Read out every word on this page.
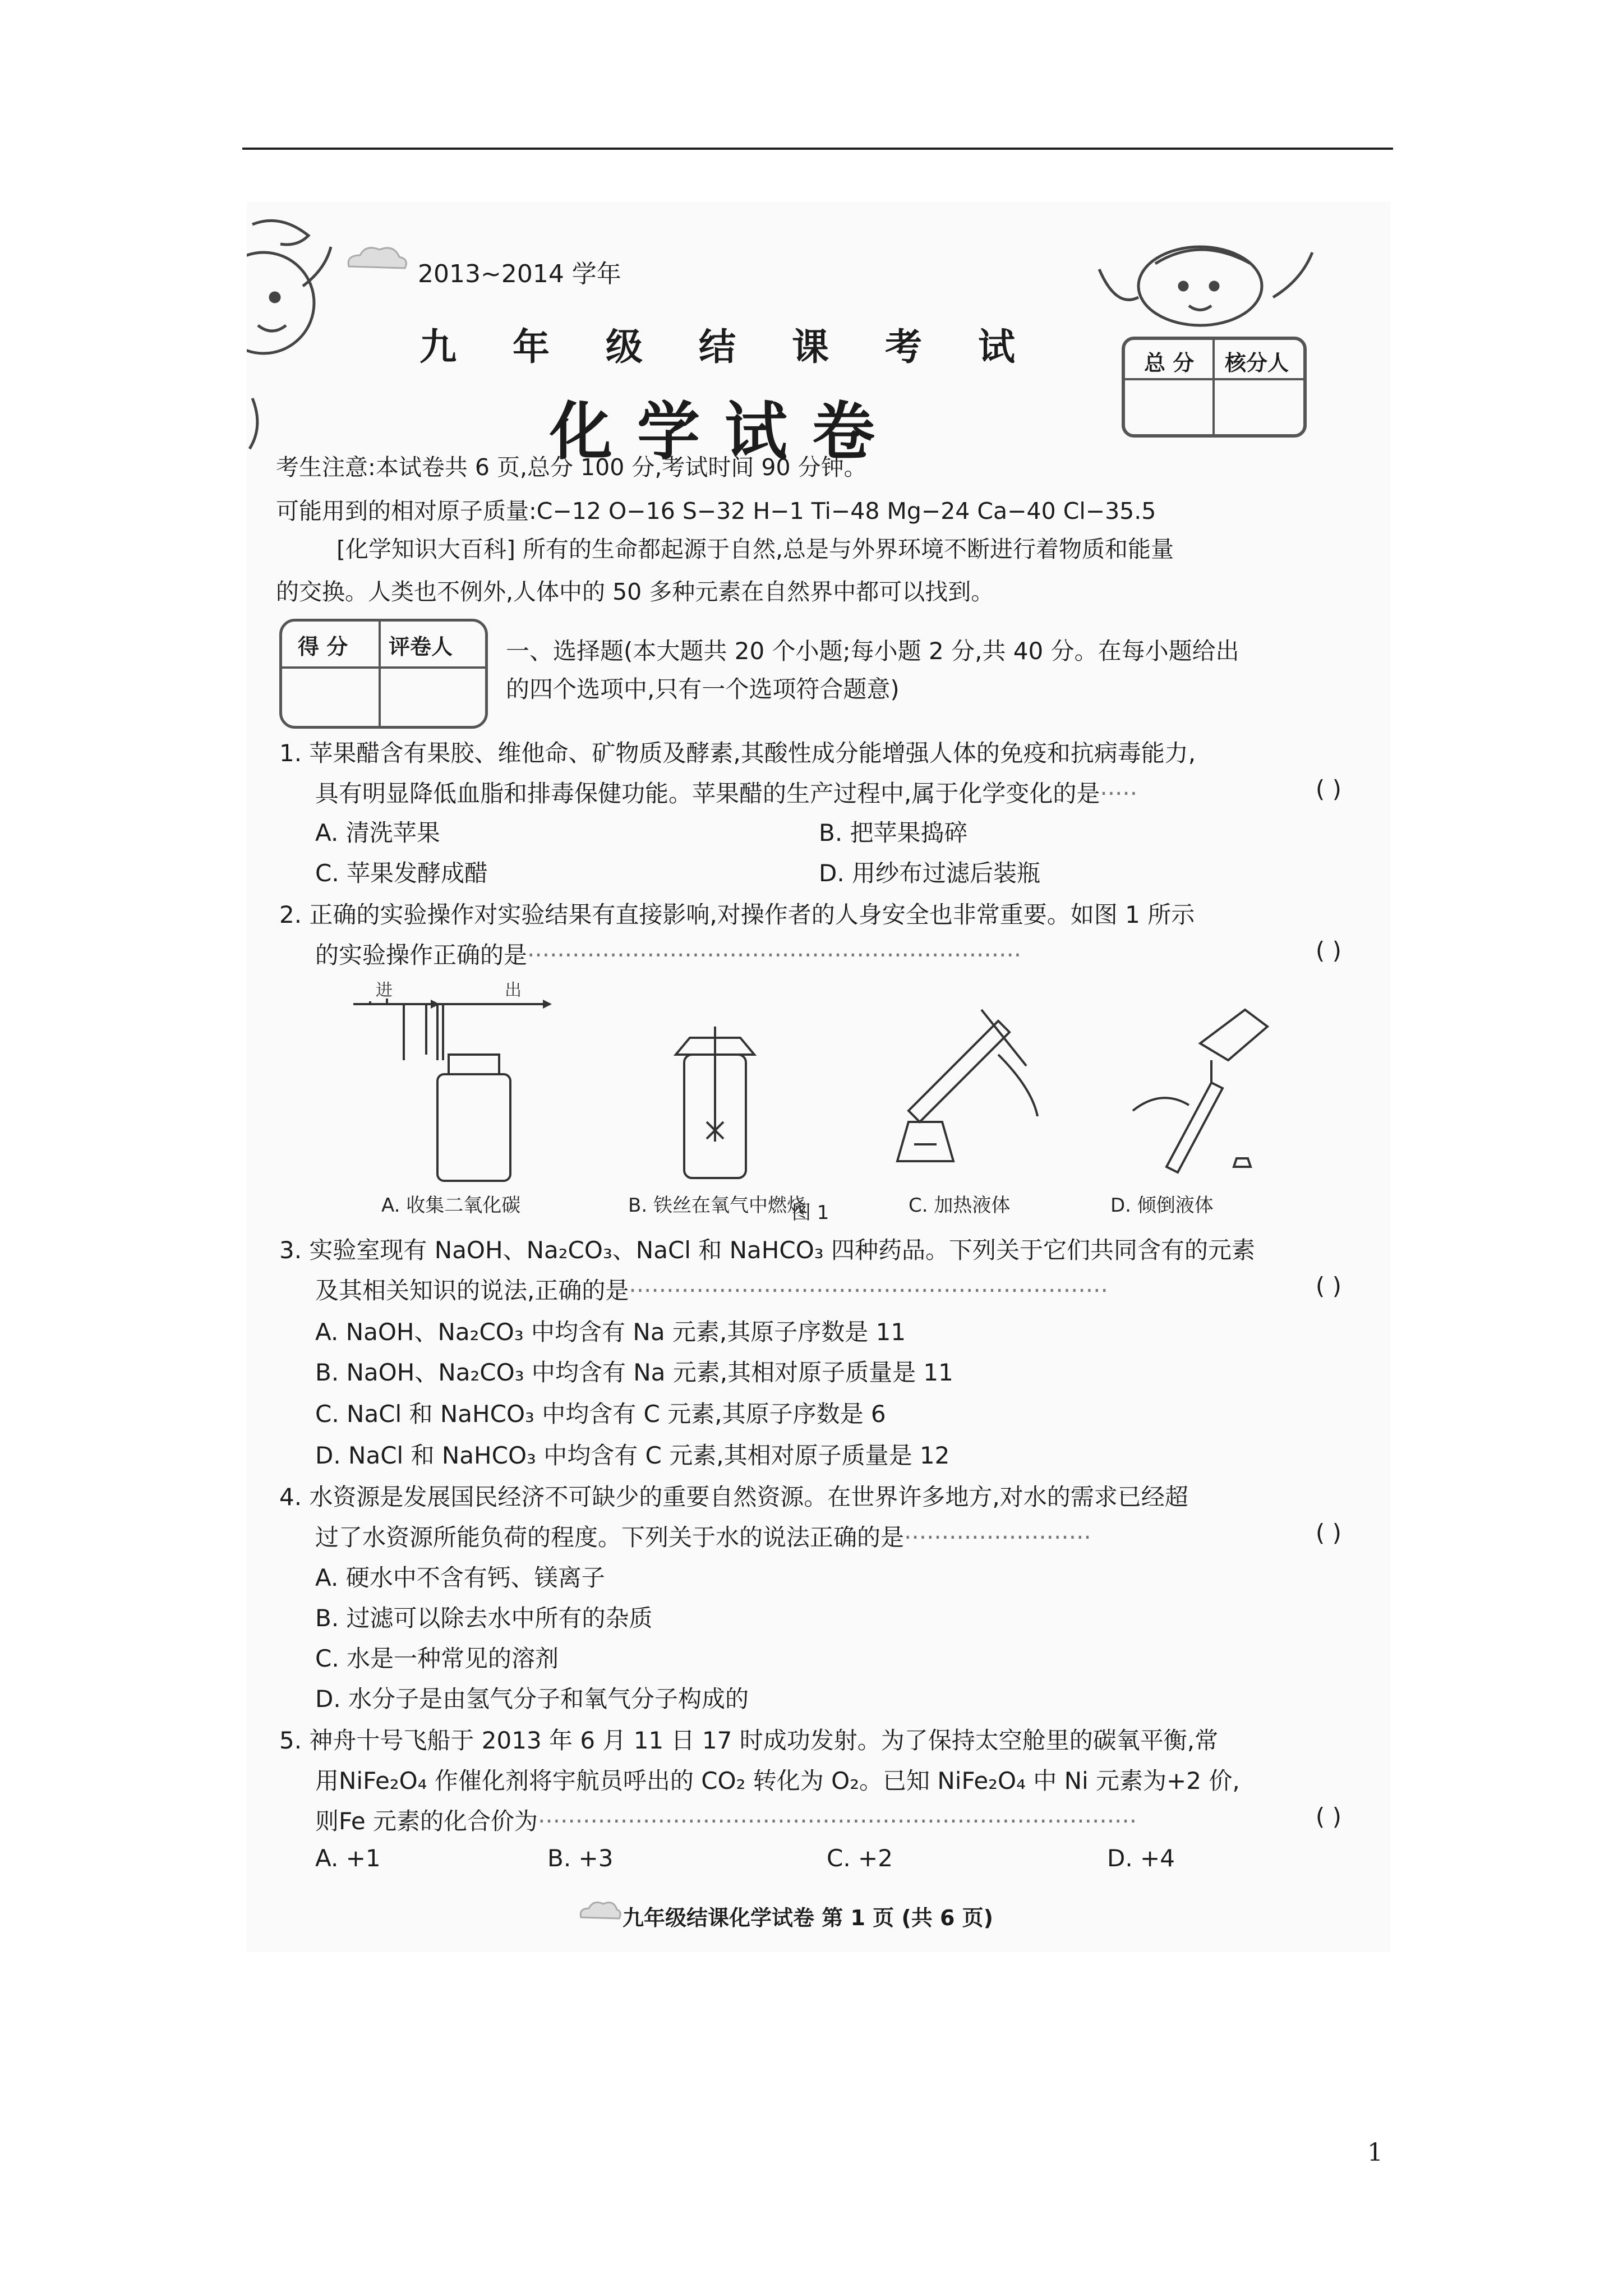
2013~2014 学年
九年级结课考试
化学试卷
总 分 核分人
考生注意:本试卷共 6 页,总分 100 分,考试时间 90 分钟。
可能用到的相对原子质量:C−12 O−16 S−32 H−1 Ti−48 Mg−24 Ca−40 Cl−35.5
[化学知识大百科] 所有的生命都起源于自然,总是与外界环境不断进行着物质和能量
的交换。人类也不例外,人体中的 50 多种元素在自然界中都可以找到。
得 分 评卷人 一、选择题(本大题共 20 个小题;每小题 2 分,共 40 分。在每小题给出
的四个选项中,只有一个选项符合题意)
1. 苹果醋含有果胶、维他命、矿物质及酵素,其酸性成分能增强人体的免疫和抗病毒能力,
具有明显降低血脂和排毒保健功能。苹果醋的生产过程中,属于化学变化的是·····	( )
A. 清洗苹果	B. 把苹果捣碎
C. 苹果发酵成醋	D. 用纱布过滤后装瓶
2. 正确的实验操作对实验结果有直接影响,对操作者的人身安全也非常重要。如图 1 所示
的实验操作正确的是··································································	( )
进	出
A. 收集二氧化碳	B. 铁丝在氧气中燃烧	C. 加热液体	D. 倾倒液体
图 1
3. 实验室现有 NaOH、Na₂CO₃、NaCl 和 NaHCO₃ 四种药品。下列关于它们共同含有的元素
及其相关知识的说法,正确的是································································	( )
A. NaOH、Na₂CO₃ 中均含有 Na 元素,其原子序数是 11
B. NaOH、Na₂CO₃ 中均含有 Na 元素,其相对原子质量是 11
C. NaCl 和 NaHCO₃ 中均含有 C 元素,其原子序数是 6
D. NaCl 和 NaHCO₃ 中均含有 C 元素,其相对原子质量是 12
4. 水资源是发展国民经济不可缺少的重要自然资源。在世界许多地方,对水的需求已经超
过了水资源所能负荷的程度。下列关于水的说法正确的是·························	( )
A. 硬水中不含有钙、镁离子
B. 过滤可以除去水中所有的杂质
C. 水是一种常见的溶剂
D. 水分子是由氢气分子和氧气分子构成的
5. 神舟十号飞船于 2013 年 6 月 11 日 17 时成功发射。为了保持太空舱里的碳氧平衡,常
用NiFe₂O₄ 作催化剂将宇航员呼出的 CO₂ 转化为 O₂。已知 NiFe₂O₄ 中 Ni 元素为+2 价,
则Fe 元素的化合价为················································································	( )
A. +1	B. +3	C. +2	D. +4
九年级结课化学试卷 第 1 页 (共 6 页)
1
